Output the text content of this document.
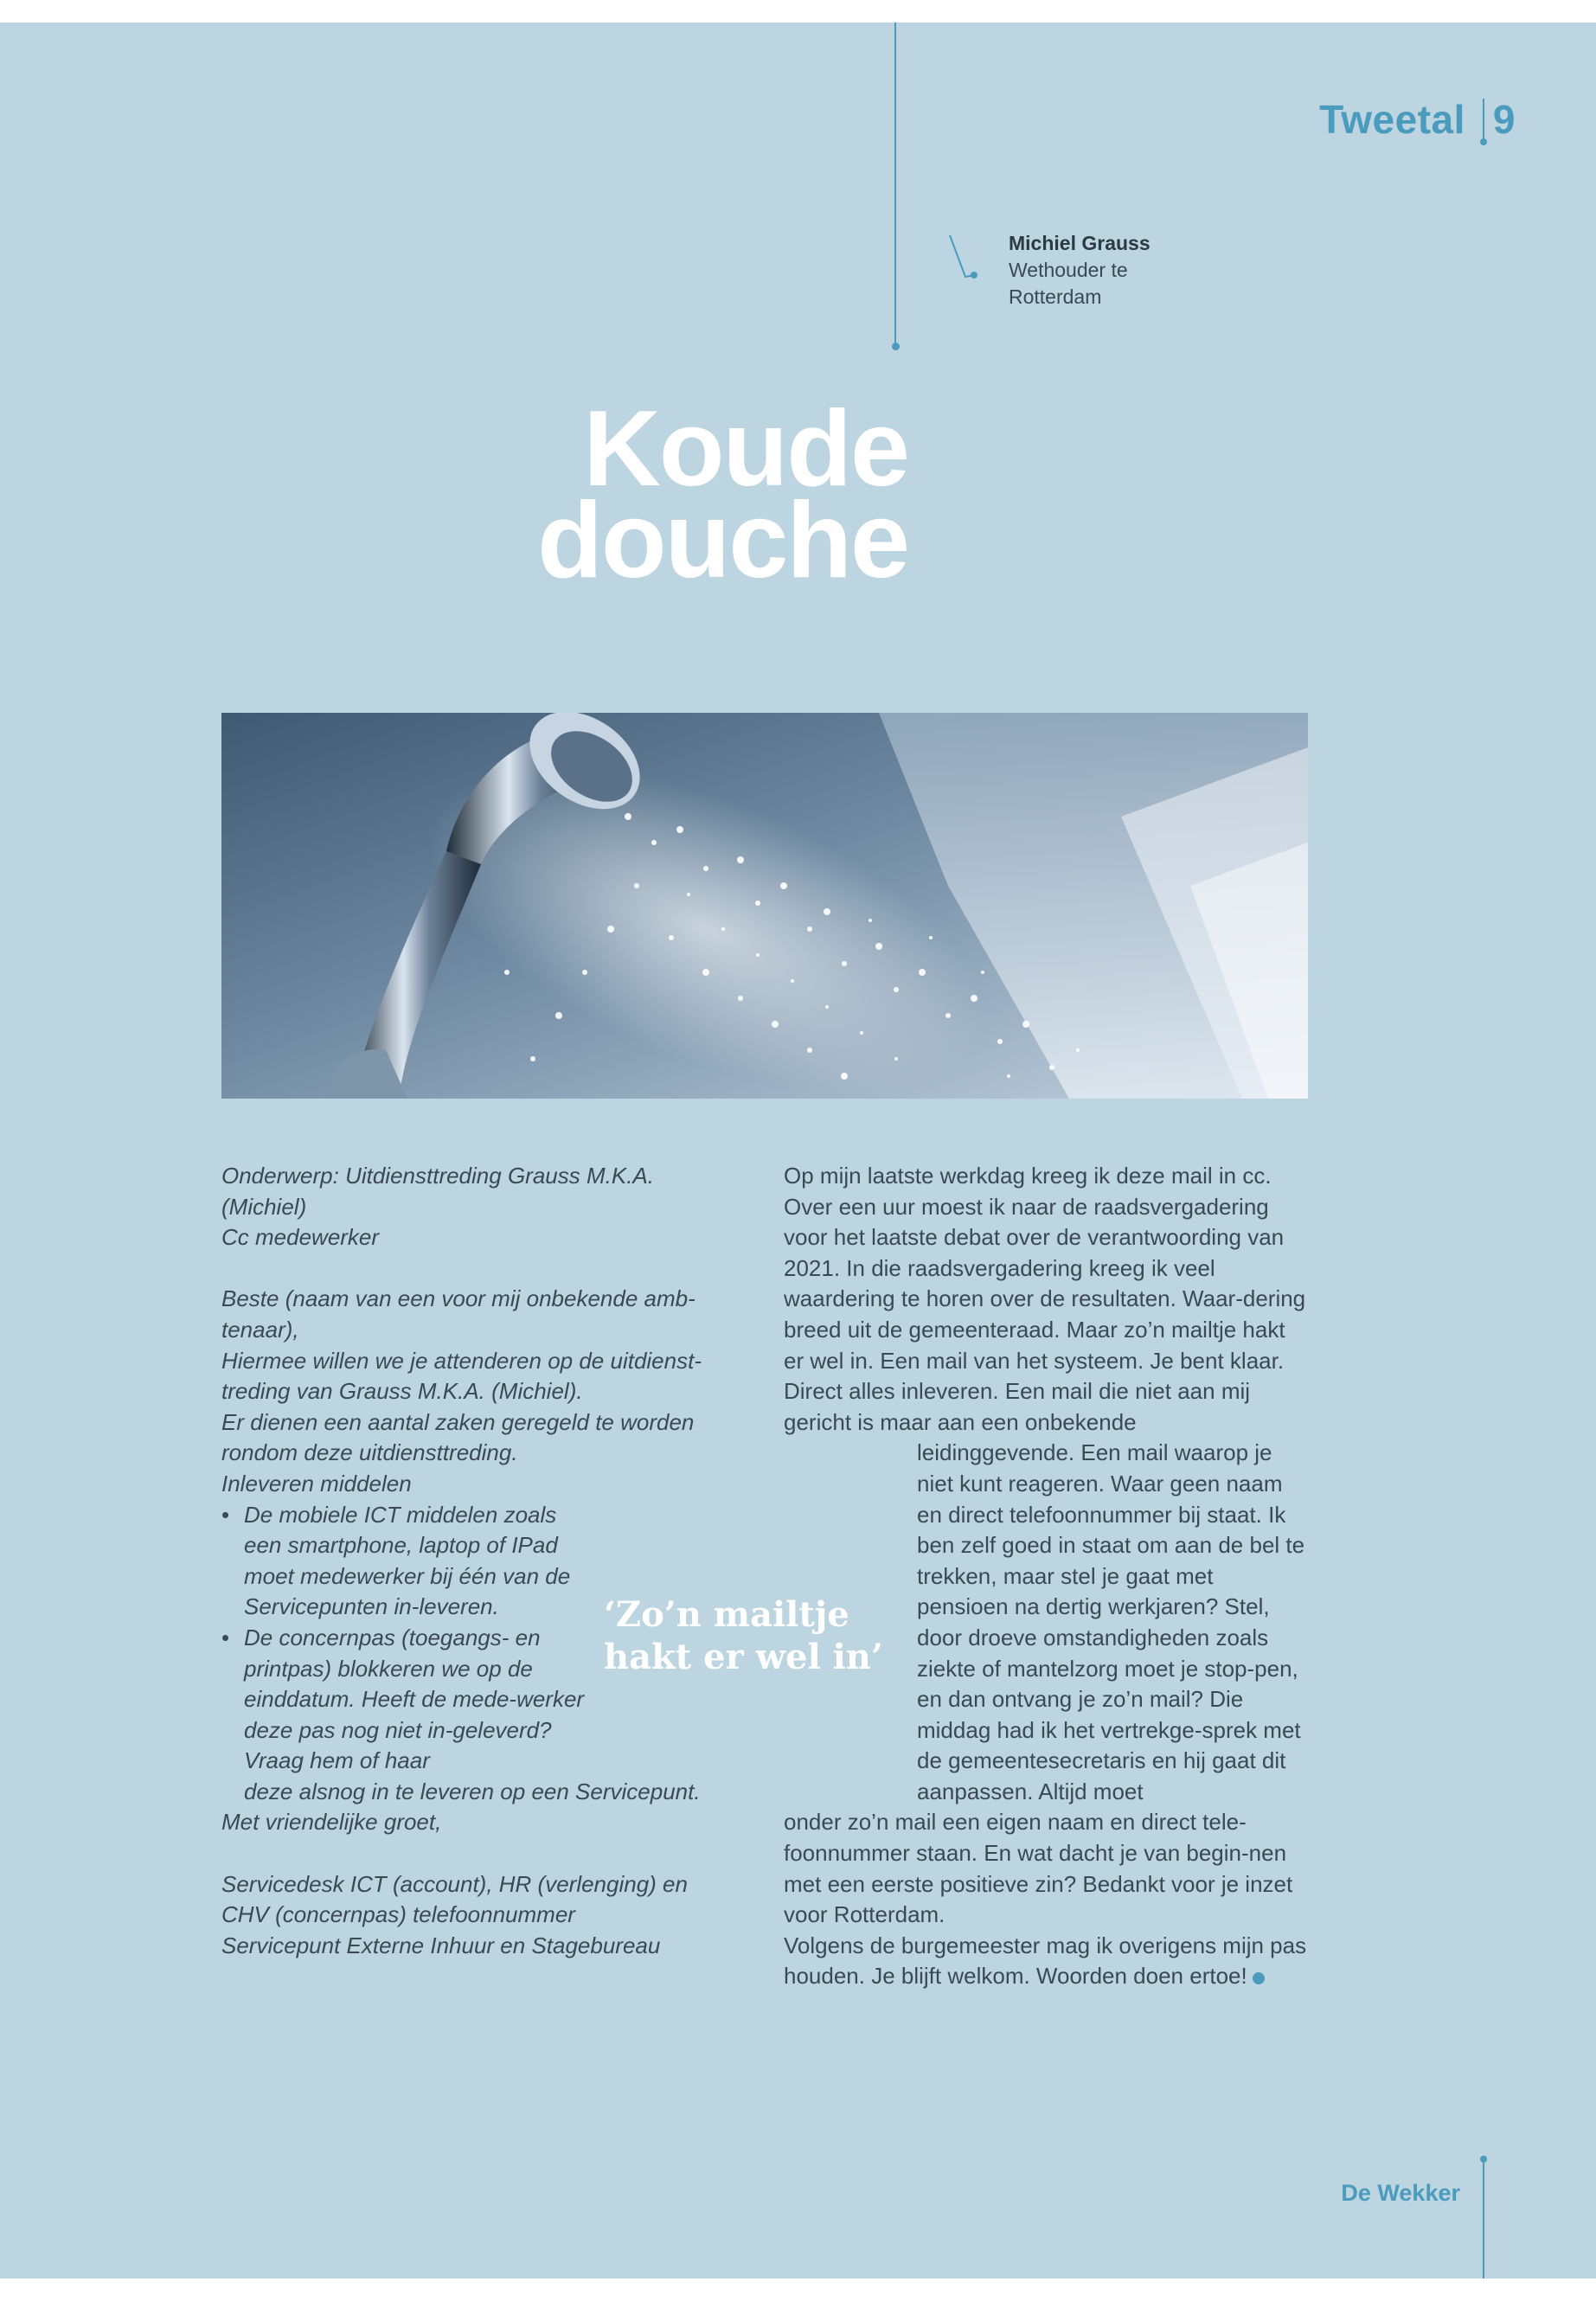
Tweetal 9
Michiel Grauss
Wethouder te
Rotterdam
Koude
douche

Onderwerp: Uitdiensttreding Grauss M.K.A.

(Michiel)

Cc medewerker

Beste (naam van een voor mij onbekende amb-

tenaar),

Hiermee willen we je attenderen op de uitdienst-

treding van Grauss M.K.A. (Michiel).

Er dienen een aantal zaken geregeld te worden

rondom deze uitdiensttreding.

Inleveren middelen

• De mobiele ICT middelen zoals een smartphone, laptop of IPad moet medewerker bij één van de Servicepunten in-leveren.

• De concernpas (toegangs- en printpas) blokkeren we op de einddatum. Heeft de mede-werker deze pas nog niet in-geleverd? Vraag hem of haar

deze alsnog in te leveren op een Servicepunt.

Met vriendelijke groet,

Servicedesk ICT (account), HR (verlenging) en

CHV (concernpas) telefoonnummer

Servicepunt Externe Inhuur en Stagebureau

‘Zo’n mailtje
hakt er wel in’

Op mijn laatste werkdag kreeg ik deze mail in cc. Over een uur moest ik naar de raadsvergadering voor het laatste debat over de verantwoording van 2021. In die raadsvergadering kreeg ik veel waardering te horen over de resultaten. Waar-dering breed uit de gemeenteraad. Maar zo’n mailtje hakt er wel in. Een mail van het systeem. Je bent klaar. Direct alles inleveren. Een mail die niet aan mij gericht is maar aan een onbekende

leidinggevende. Een mail waarop je niet kunt reageren. Waar geen naam en direct telefoonnummer bij staat. Ik ben zelf goed in staat om aan de bel te trekken, maar stel je gaat met pensioen na dertig werkjaren? Stel, door droeve omstandigheden zoals ziekte of mantelzorg moet je stop-pen, en dan ontvang je zo’n mail? Die middag had ik het vertrekge-sprek met de gemeentesecretaris en hij gaat dit aanpassen. Altijd moet

onder zo’n mail een eigen naam en direct tele-foonnummer staan. En wat dacht je van begin-nen met een eerste positieve zin? Bedankt voor je inzet voor Rotterdam.

Volgens de burgemeester mag ik overigens mijn pas houden. Je blijft welkom. Woorden doen ertoe!

De Wekker
